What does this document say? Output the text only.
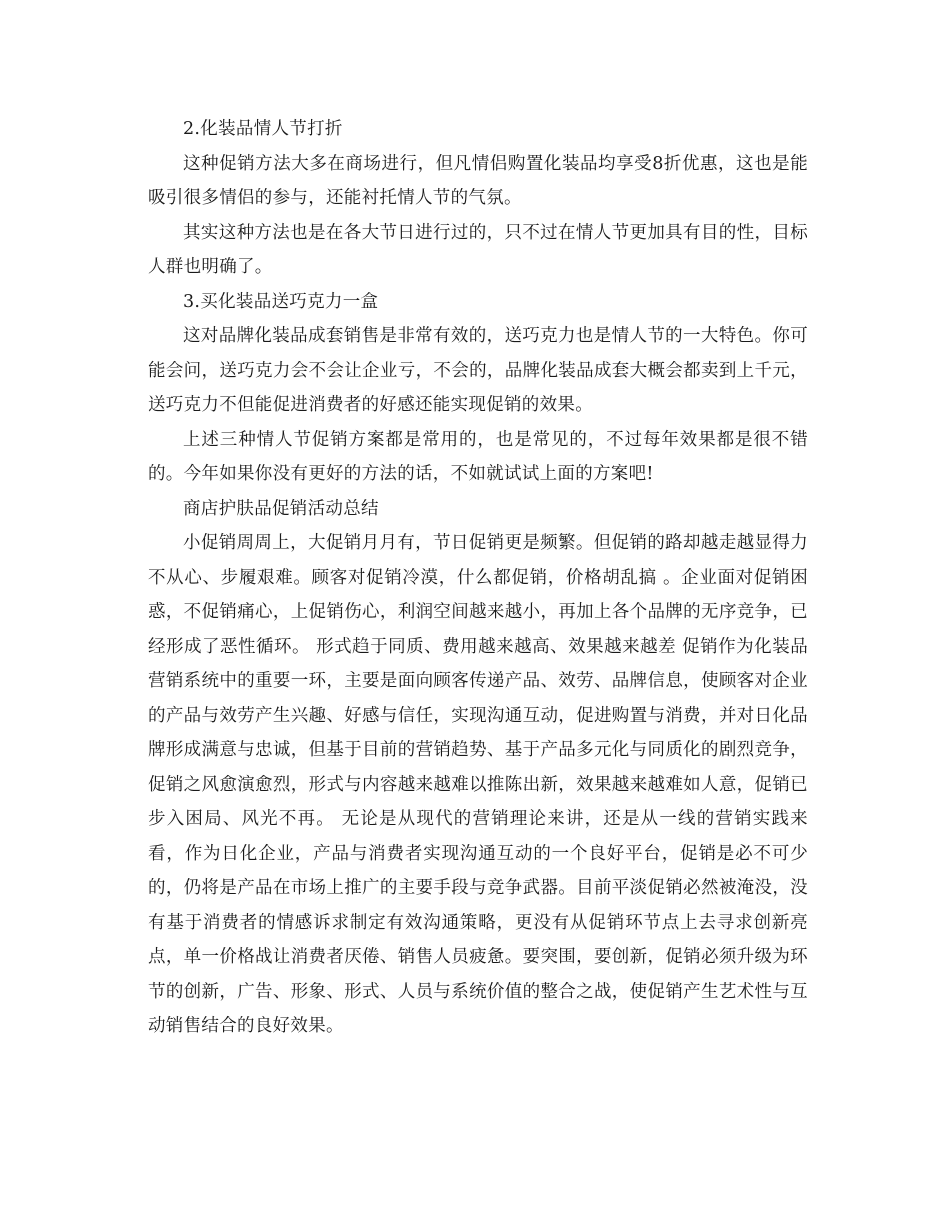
2.化装品情人节打折

这种促销方法大多在商场进行，但凡情侣购置化装品均享受8折优惠，这也是能吸引很多情侣的参与，还能衬托情人节的气氛。

其实这种方法也是在各大节日进行过的，只不过在情人节更加具有目的性，目标人群也明确了。

3.买化装品送巧克力一盒

这对品牌化装品成套销售是非常有效的，送巧克力也是情人节的一大特色。你可能会问，送巧克力会不会让企业亏，不会的，品牌化装品成套大概会都卖到上千元，送巧克力不但能促进消费者的好感还能实现促销的效果。

上述三种情人节促销方案都是常用的，也是常见的，不过每年效果都是很不错的。今年如果你没有更好的方法的话，不如就试试上面的方案吧!

商店护肤品促销活动总结

小促销周周上，大促销月月有，节日促销更是频繁。但促销的路却越走越显得力不从心、步履艰难。顾客对促销冷漠，什么都促销，价格胡乱搞 。企业面对促销困惑，不促销痛心，上促销伤心，利润空间越来越小，再加上各个品牌的无序竞争，已经形成了恶性循环。 形式趋于同质、费用越来越高、效果越来越差 促销作为化装品营销系统中的重要一环，主要是面向顾客传递产品、效劳、品牌信息，使顾客对企业的产品与效劳产生兴趣、好感与信任，实现沟通互动，促进购置与消费，并对日化品牌形成满意与忠诚，但基于目前的营销趋势、基于产品多元化与同质化的剧烈竞争，促销之风愈演愈烈，形式与内容越来越难以推陈出新，效果越来越难如人意，促销已步入困局、风光不再。 无论是从现代的营销理论来讲，还是从一线的营销实践来看，作为日化企业，产品与消费者实现沟通互动的一个良好平台，促销是必不可少的，仍将是产品在市场上推广的主要手段与竞争武器。目前平淡促销必然被淹没，没有基于消费者的情感诉求制定有效沟通策略，更没有从促销环节点上去寻求创新亮点，单一价格战让消费者厌倦、销售人员疲惫。要突围，要创新，促销必须升级为环节的创新，广告、形象、形式、人员与系统价值的整合之战，使促销产生艺术性与互动销售结合的良好效果。
